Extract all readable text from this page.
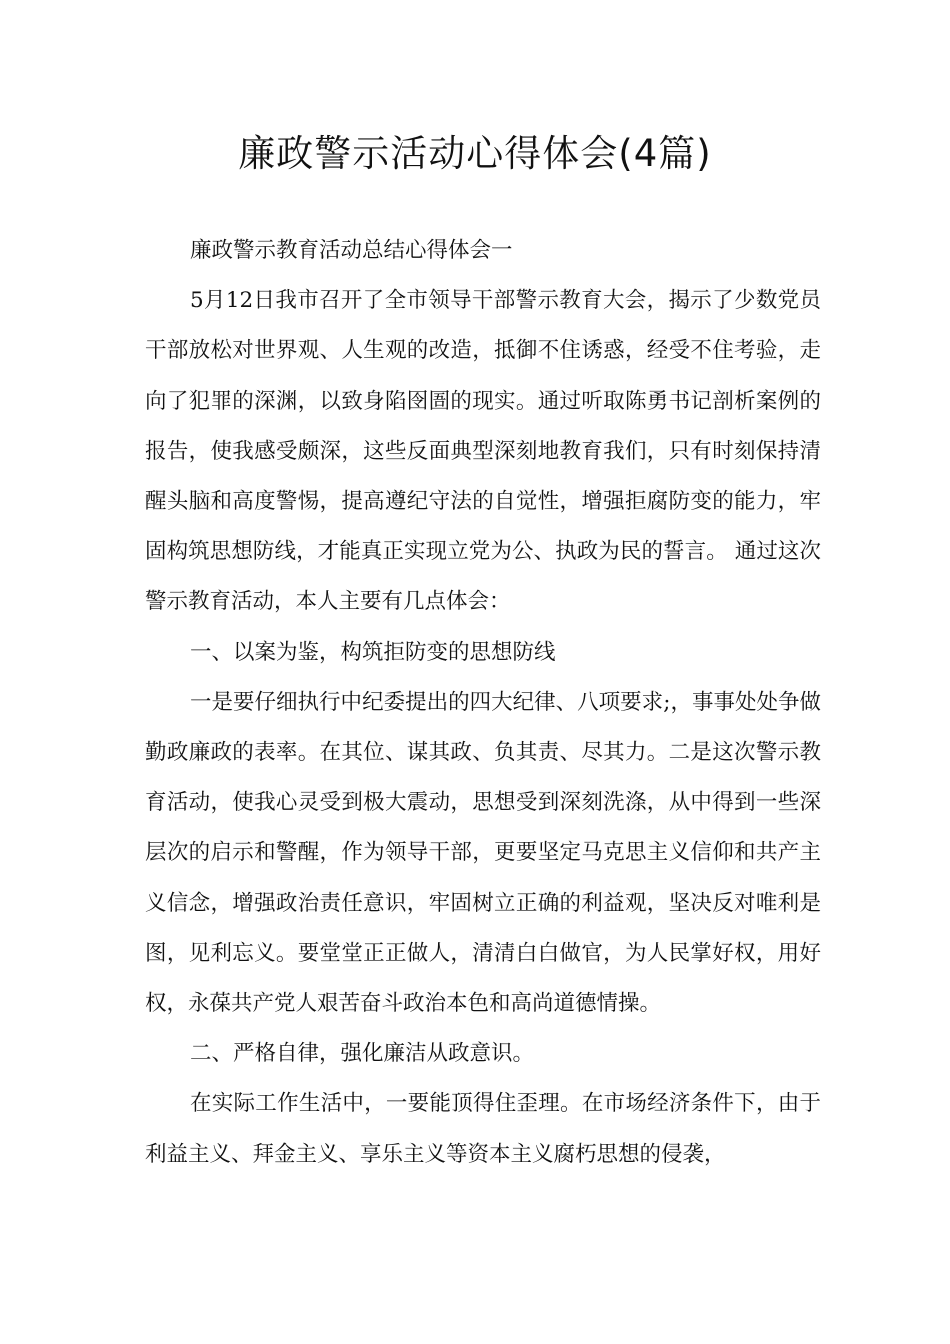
廉政警示活动心得体会(4篇)

廉政警示教育活动总结心得体会一

5月12日我市召开了全市领导干部警示教育大会，揭示了少数党员干部放松对世界观、人生观的改造，抵御不住诱惑，经受不住考验，走向了犯罪的深渊，以致身陷囹圄的现实。通过听取陈勇书记剖析案例的报告，使我感受颇深，这些反面典型深刻地教育我们，只有时刻保持清醒头脑和高度警惕，提高遵纪守法的自觉性，增强拒腐防变的能力，牢固构筑思想防线，才能真正实现立党为公、执政为民的誓言。 通过这次警示教育活动，本人主要有几点体会：

一、以案为鉴，构筑拒防变的思想防线

一是要仔细执行中纪委提出的四大纪律、八项要求;，事事处处争做勤政廉政的表率。在其位、谋其政、负其责、尽其力。二是这次警示教育活动，使我心灵受到极大震动，思想受到深刻洗涤，从中得到一些深层次的启示和警醒，作为领导干部，更要坚定马克思主义信仰和共产主义信念，增强政治责任意识，牢固树立正确的利益观，坚决反对唯利是图，见利忘义。要堂堂正正做人，清清白白做官，为人民掌好权，用好权，永葆共产党人艰苦奋斗政治本色和高尚道德情操。

二、严格自律，强化廉洁从政意识。

在实际工作生活中，一要能顶得住歪理。在市场经济条件下，由于利益主义、拜金主义、享乐主义等资本主义腐朽思想的侵袭，
